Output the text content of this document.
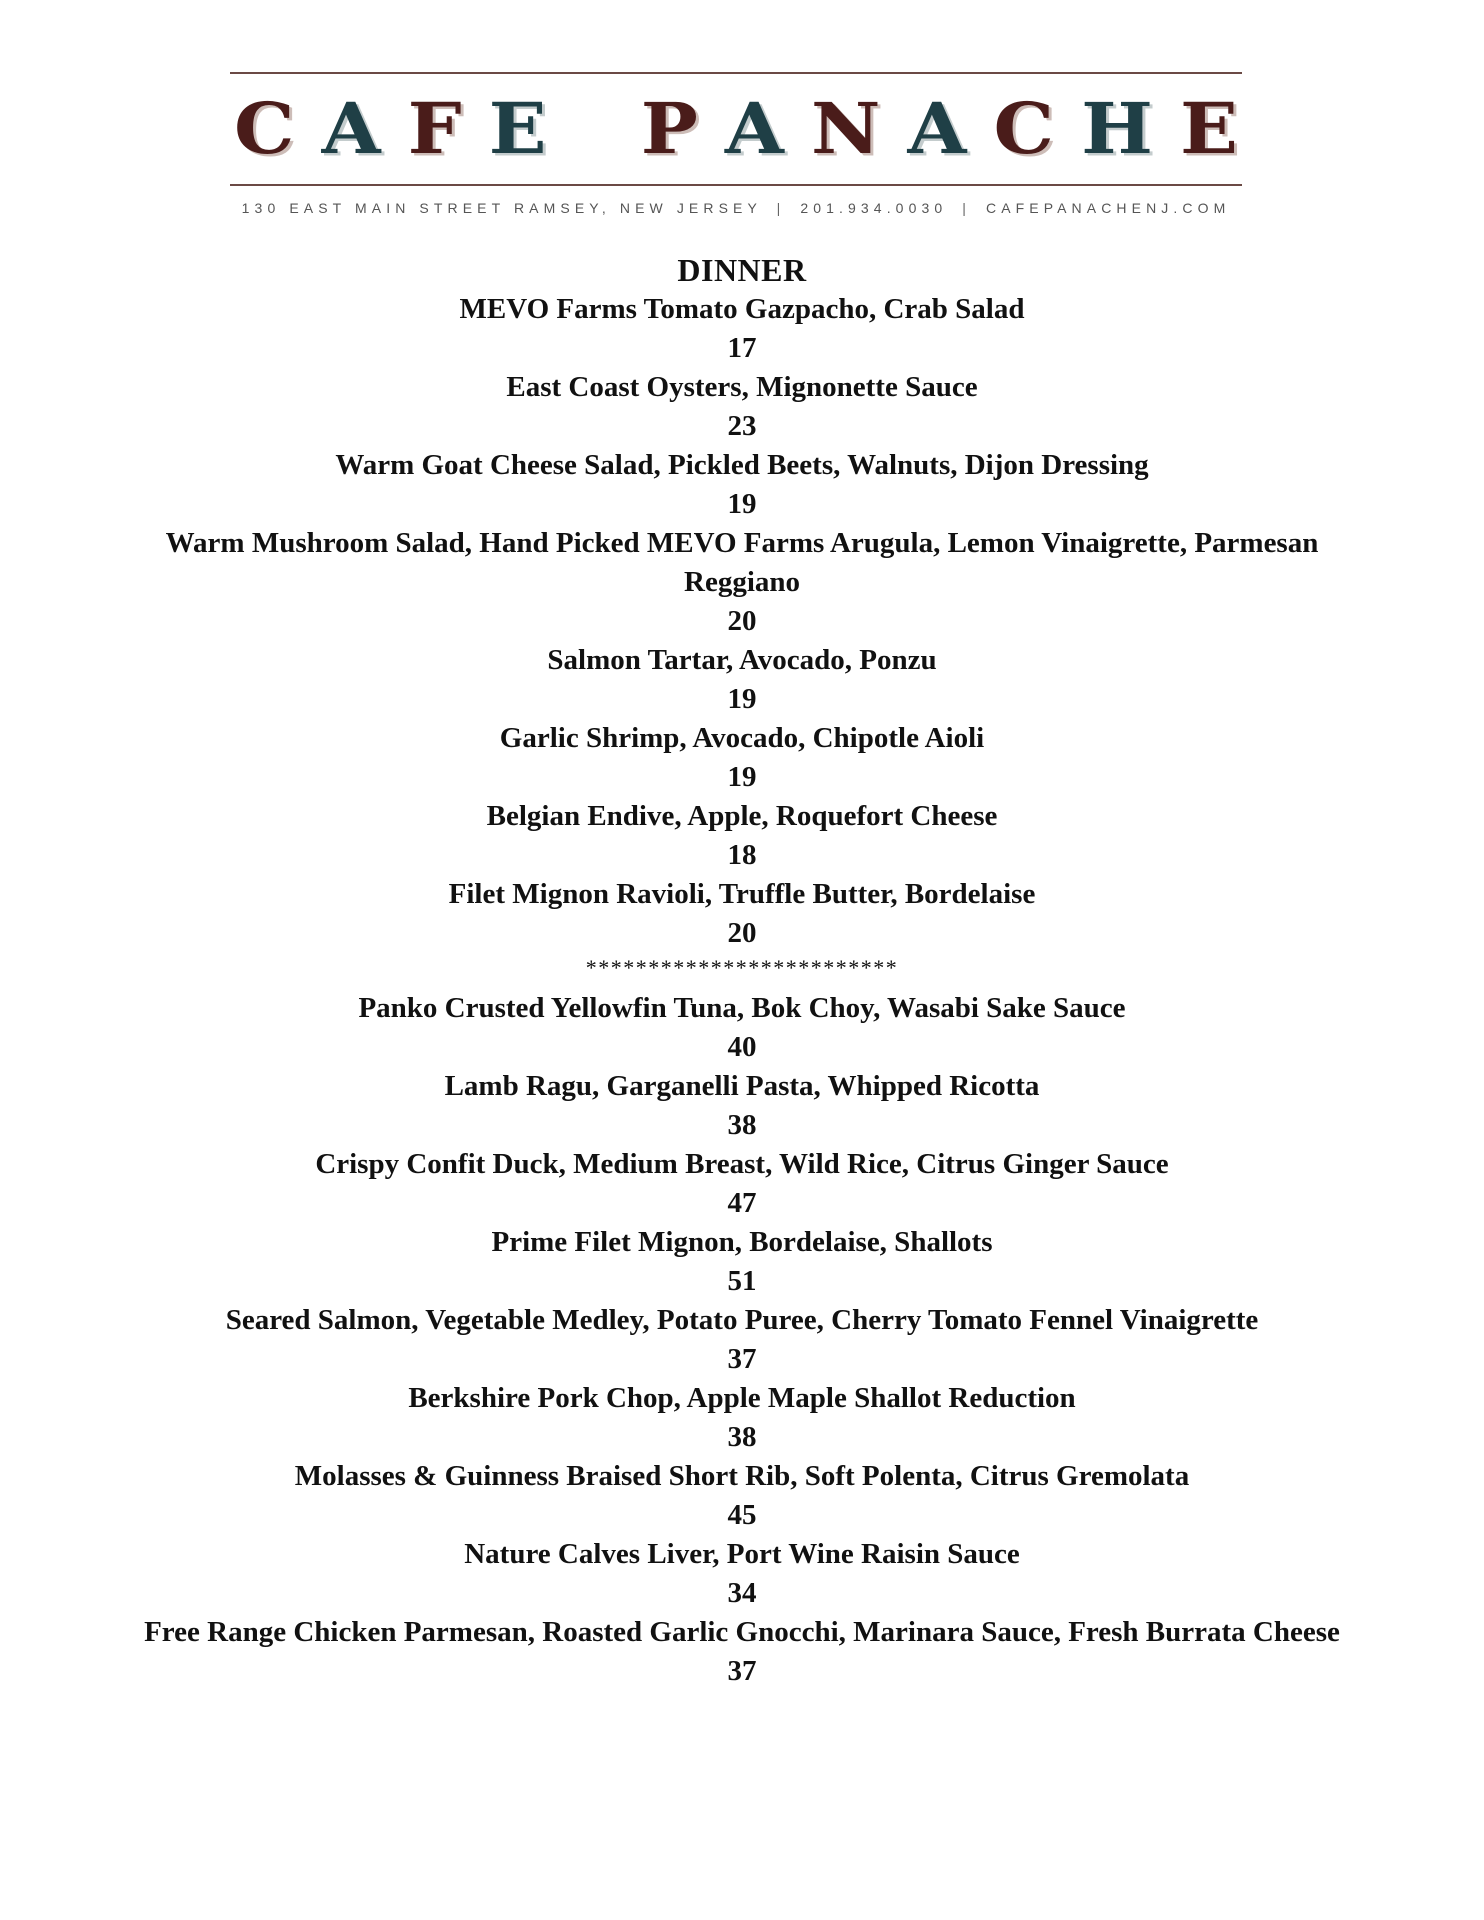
C A F E P A N A C H E
130 EAST MAIN STREET RAMSEY, NEW JERSEY | 201.934.0030 | CAFEPANACHENJ.COM

DINNER

MEVO Farms Tomato Gazpacho, Crab Salad

17

East Coast Oysters, Mignonette Sauce

23

Warm Goat Cheese Salad, Pickled Beets, Walnuts, Dijon Dressing

19

Warm Mushroom Salad, Hand Picked MEVO Farms Arugula, Lemon Vinaigrette, Parmesan Reggiano

20

Salmon Tartar, Avocado, Ponzu

19

Garlic Shrimp, Avocado, Chipotle Aioli

19

Belgian Endive, Apple, Roquefort Cheese

18

Filet Mignon Ravioli, Truffle Butter, Bordelaise

20

*************************

Panko Crusted Yellowfin Tuna, Bok Choy, Wasabi Sake Sauce

40

Lamb Ragu, Garganelli Pasta, Whipped Ricotta

38

Crispy Confit Duck, Medium Breast, Wild Rice, Citrus Ginger Sauce

47

Prime Filet Mignon, Bordelaise, Shallots

51

Seared Salmon, Vegetable Medley, Potato Puree, Cherry Tomato Fennel Vinaigrette

37

Berkshire Pork Chop, Apple Maple Shallot Reduction

38

Molasses & Guinness Braised Short Rib, Soft Polenta, Citrus Gremolata

45

Nature Calves Liver, Port Wine Raisin Sauce

34

Free Range Chicken Parmesan, Roasted Garlic Gnocchi, Marinara Sauce, Fresh Burrata Cheese

37
